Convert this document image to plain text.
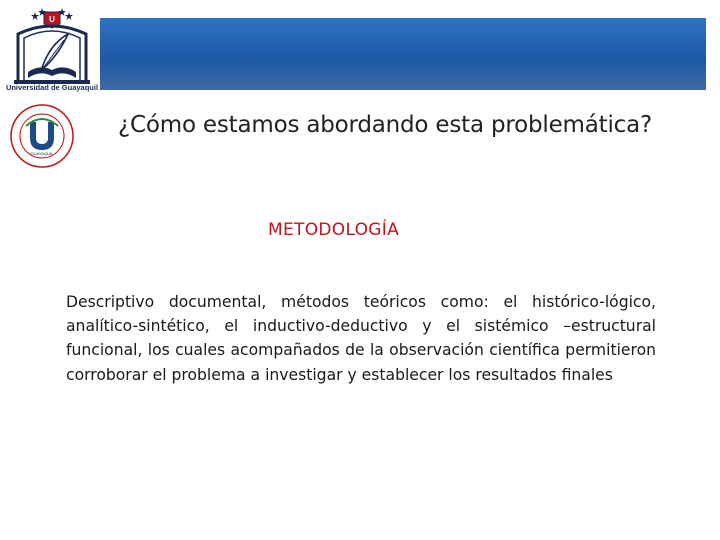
U
Universidad de Guayaquil
GUAYAQUIL
¿Cómo estamos abordando esta problemática?
METODOLOGÍA
Descriptivo documental, métodos teóricos como: el histórico-lógico, analítico-sintético, el inductivo-deductivo y el sistémico –estructural funcional, los cuales acompañados de la observación científica permitieron corroborar el problema a investigar y establecer los resultados finales
